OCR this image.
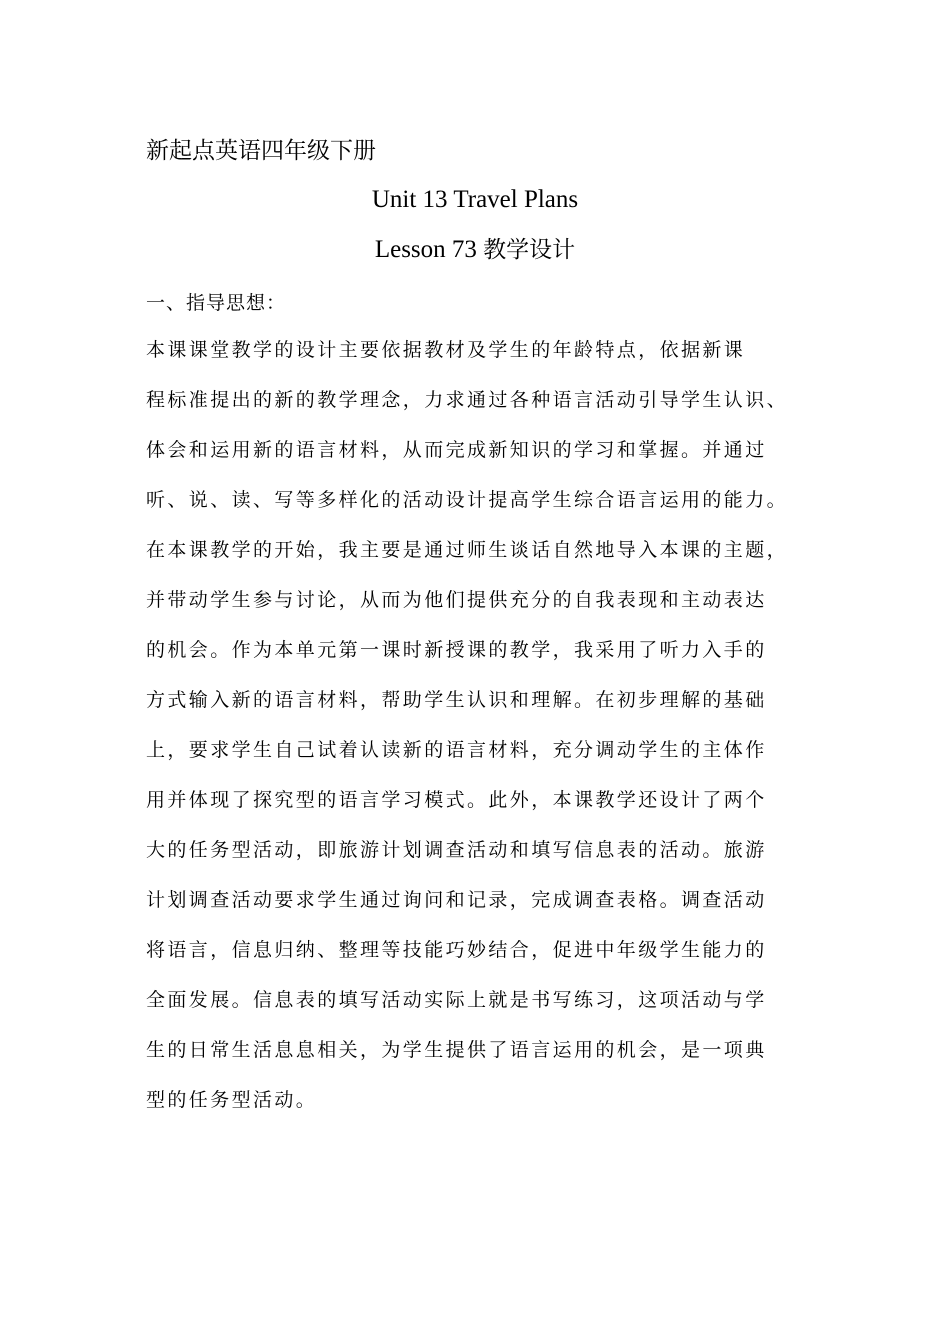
新起点英语四年级下册
Unit 13 Travel Plans
Lesson 73 教学设计
一、指导思想：
本课课堂教学的设计主要依据教材及学生的年龄特点，依据新课
程标准提出的新的教学理念，力求通过各种语言活动引导学生认识、
体会和运用新的语言材料，从而完成新知识的学习和掌握。并通过
听、说、读、写等多样化的活动设计提高学生综合语言运用的能力。
在本课教学的开始，我主要是通过师生谈话自然地导入本课的主题，
并带动学生参与讨论，从而为他们提供充分的自我表现和主动表达
的机会。作为本单元第一课时新授课的教学，我采用了听力入手的
方式输入新的语言材料，帮助学生认识和理解。在初步理解的基础
上，要求学生自己试着认读新的语言材料，充分调动学生的主体作
用并体现了探究型的语言学习模式。此外，本课教学还设计了两个
大的任务型活动，即旅游计划调查活动和填写信息表的活动。旅游
计划调查活动要求学生通过询问和记录，完成调查表格。调查活动
将语言，信息归纳、整理等技能巧妙结合，促进中年级学生能力的
全面发展。信息表的填写活动实际上就是书写练习，这项活动与学
生的日常生活息息相关，为学生提供了语言运用的机会，是一项典
型的任务型活动。
